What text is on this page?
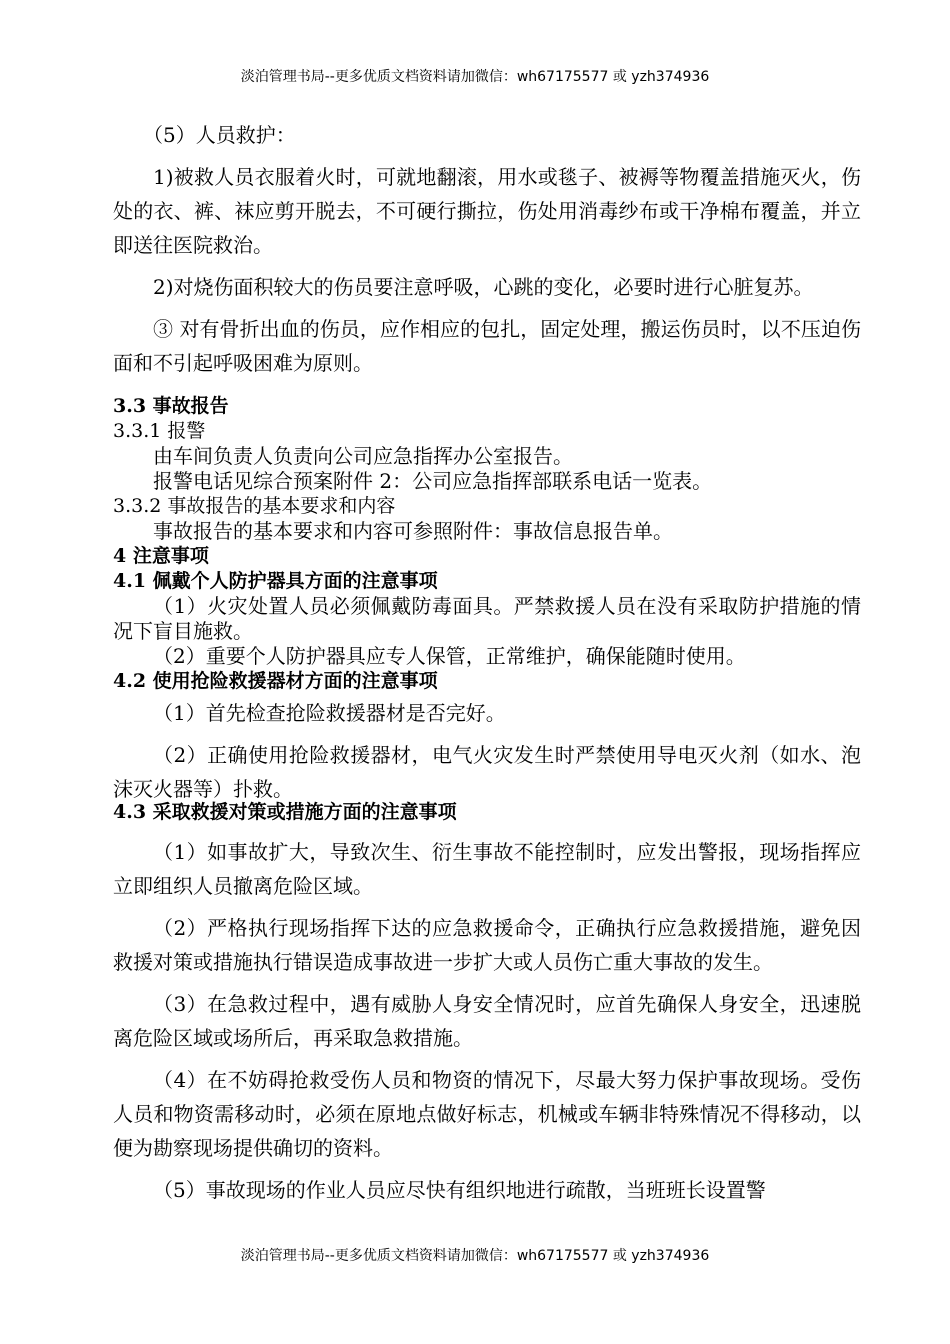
淡泊管理书局--更多优质文档资料请加微信：wh67175577 或 yzh374936

（5）人员救护：

1)被救人员衣服着火时，可就地翻滚，用水或毯子、被褥等物覆盖措施灭火，伤处的衣、裤、袜应剪开脱去，不可硬行撕拉，伤处用消毒纱布或干净棉布覆盖，并立即送往医院救治。

2)对烧伤面积较大的伤员要注意呼吸，心跳的变化，必要时进行心脏复苏。

③ 对有骨折出血的伤员，应作相应的包扎，固定处理，搬运伤员时，以不压迫伤面和不引起呼吸困难为原则。

3.3 事故报告
3.3.1 报警

由车间负责人负责向公司应急指挥办公室报告。

报警电话见综合预案附件 2：公司应急指挥部联系电话一览表。

3.3.2 事故报告的基本要求和内容

事故报告的基本要求和内容可参照附件：事故信息报告单。

4 注意事项
4.1 佩戴个人防护器具方面的注意事项

（1）火灾处置人员必须佩戴防毒面具。严禁救援人员在没有采取防护措施的情况下盲目施救。

（2）重要个人防护器具应专人保管，正常维护，确保能随时使用。

4.2 使用抢险救援器材方面的注意事项

（1）首先检查抢险救援器材是否完好。

（2）正确使用抢险救援器材，电气火灾发生时严禁使用导电灭火剂（如水、泡沫灭火器等）扑救。

4.3 采取救援对策或措施方面的注意事项

（1）如事故扩大，导致次生、衍生事故不能控制时，应发出警报，现场指挥应立即组织人员撤离危险区域。

（2）严格执行现场指挥下达的应急救援命令，正确执行应急救援措施，避免因救援对策或措施执行错误造成事故进一步扩大或人员伤亡重大事故的发生。

（3）在急救过程中，遇有威胁人身安全情况时，应首先确保人身安全，迅速脱离危险区域或场所后，再采取急救措施。

（4）在不妨碍抢救受伤人员和物资的情况下，尽最大努力保护事故现场。受伤人员和物资需移动时，必须在原地点做好标志，机械或车辆非特殊情况不得移动，以便为勘察现场提供确切的资料。

（5）事故现场的作业人员应尽快有组织地进行疏散，当班班长设置警

淡泊管理书局--更多优质文档资料请加微信：wh67175577 或 yzh374936
